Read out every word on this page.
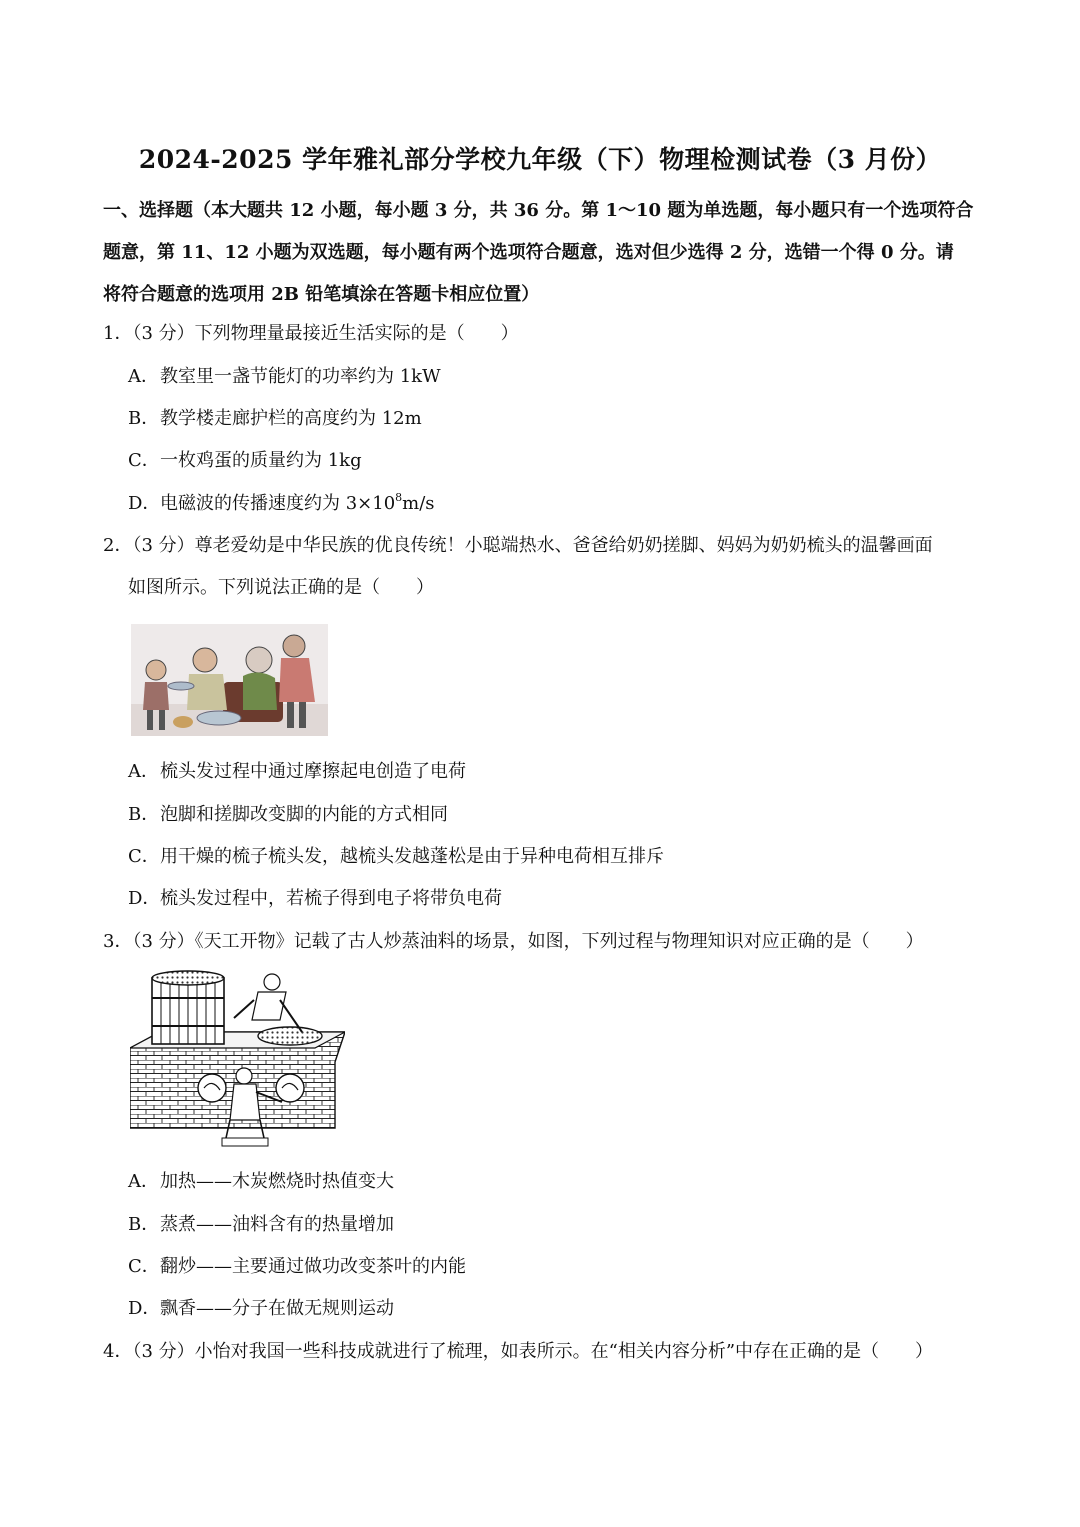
2024-2025 学年雅礼部分学校九年级（下）物理检测试卷（3 月份）
一、选择题（本大题共 12 小题，每小题 3 分，共 36 分。第 1～10 题为单选题，每小题只有一个选项符合
题意，第 11、12 小题为双选题，每小题有两个选项符合题意，选对但少选得 2 分，选错一个得 0 分。请
将符合题意的选项用 2B 铅笔填涂在答题卡相应位置）
1．（3 分）下列物理量最接近生活实际的是（　　）
A．教室里一盏节能灯的功率约为 1kW
B．教学楼走廊护栏的高度约为 12m
C．一枚鸡蛋的质量约为 1kg
D．电磁波的传播速度约为 $3\times 10^8m/s$
2．（3 分）尊老爱幼是中华民族的优良传统！小聪端热水、爸爸给奶奶搓脚、妈妈为奶奶梳头的温馨画面
如图所示。下列说法正确的是（　　）
A．梳头发过程中通过摩擦起电创造了电荷
B．泡脚和搓脚改变脚的内能的方式相同
C．用干燥的梳子梳头发，越梳头发越蓬松是由于异种电荷相互排斥
D．梳头发过程中，若梳子得到电子将带负电荷
3．（3 分）《天工开物》记载了古人炒蒸油料的场景，如图，下列过程与物理知识对应正确的是（　　）
A．加热——木炭燃烧时热值变大
B．蒸煮——油料含有的热量增加
C．翻炒——主要通过做功改变茶叶的内能
D．飘香——分子在做无规则运动
4．（3 分）小怡对我国一些科技成就进行了梳理，如表所示。在“相关内容分析”中存在正确的是（　　）
